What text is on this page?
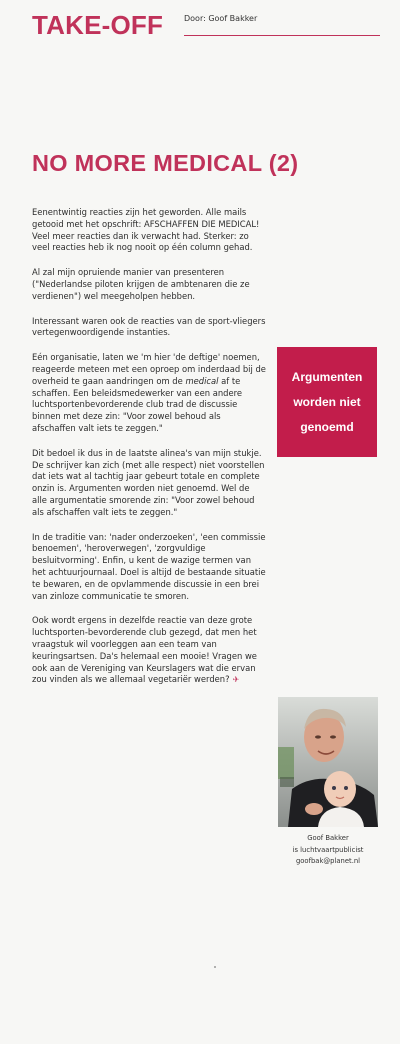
TAKE-OFF	Door: Goof Bakker
NO MORE MEDICAL (2)

Eenentwintig reacties zijn het geworden. Alle mails getooid met het opschrift: AFSCHAFFEN DIE MEDICAL! Veel meer reacties dan ik verwacht had. Sterker: zo veel reacties heb ik nog nooit op één column gehad.

Al zal mijn opruiende manier van presenteren ("Nederlandse piloten krijgen de ambtenaren die ze verdienen") wel meegeholpen hebben.

Interessant waren ook de reacties van de sport-vliegers vertegenwoordigende instanties.

Eén organisatie, laten we 'm hier 'de deftige' noemen, reageerde meteen met een oproep om inderdaad bij de overheid te gaan aandringen om de medical af te schaffen. Een beleidsmedewerker van een andere luchtsportenbevorderende club trad de discussie binnen met deze zin: "Voor zowel behoud als afschaffen valt iets te zeggen."

Dit bedoel ik dus in de laatste alinea's van mijn stukje. De schrijver kan zich (met alle respect) niet voorstellen dat iets wat al tachtig jaar gebeurt totale en complete onzin is. Argumenten worden niet genoemd. Wel de alle argumentatie smorende zin: "Voor zowel behoud als afschaffen valt iets te zeggen."

In de traditie van: 'nader onderzoeken', 'een commissie benoemen', 'heroverwegen', 'zorgvuldige besluitvorming'. Enfin, u kent de wazige termen van het achtuurjournaal. Doel is altijd de bestaande situatie te bewaren, en de opvlammende discussie in een brei van zinloze communicatie te smoren.

Ook wordt ergens in dezelfde reactie van deze grote luchtsporten-bevorderende club gezegd, dat men het vraagstuk wil voorleggen aan een team van keuringsartsen. Da's helemaal een mooie! Vragen we ook aan de Vereniging van Keurslagers wat die ervan zou vinden als we allemaal vegetariër werden? ✈

Argumenten
worden niet
genoemd
Goof Bakker
is luchtvaartpublicist
goofbak@planet.nl
